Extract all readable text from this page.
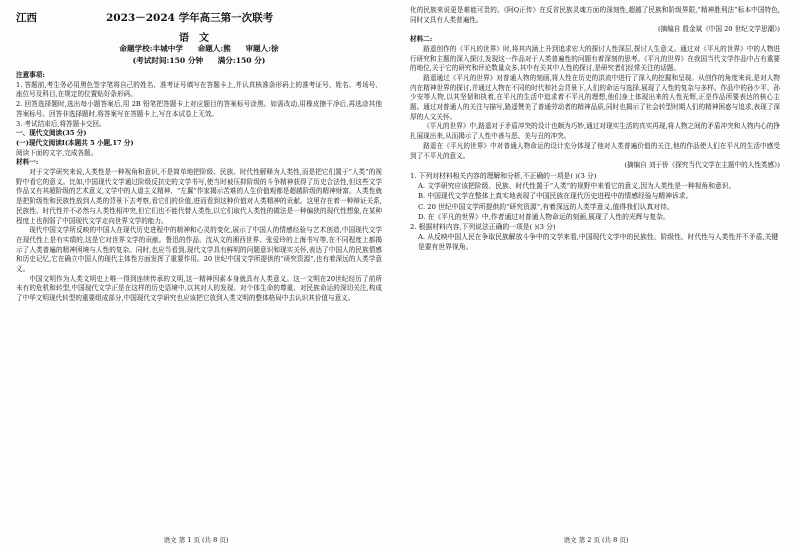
江西	2023－2024 学年高三第一次联考
语文
命题学校:丰城中学 命题人:熊 审题人:徐
(考试时间:150 分钟 满分:150 分)
注意事项:
1. 答题前,考生务必用黑色签字笔将自己的姓名、准考证号填写在答题卡上,并认真核准条形码上的准考证号、姓名、考场号、座位号及科目,在规定的位置贴好条形码。
2. 回答选择题时,选出每小题答案后,用 2B 铅笔把答题卡上对应题目的答案标号涂黑。如需改动,用橡皮擦干净后,再选涂其他答案标号。回答非选择题时,将答案写在答题卡上,写在本试卷上无效。
3. 考试结束后,将答题卡交回。
一、现代文阅读(35 分)
(一)现代文阅读Ⅰ(本题共 5 小题,17 分)
阅读下面的文字,完成各题。
材料一:
对于文学研究来说,人类性是一种视角和意识,不是简单地把阶级、民族、时代性解释为人类性,而是把它们置于“人类”的视野中看它的意义。比如,中国现代文学通过阶级反抗史的文学书写,使当时被压抑阶级的斗争精神获得了历史合法性,但这些文学作品又有其超阶级的艺术意义,文学中的人道主义精神、“左翼”作家揭示苦难的人生价值观都是超越阶级的精神财富。人类性就是把阶级性和民族性放到人类的背景下去考察,看它们的价值,进而看到这种价值对人类精神的贡献。这里存在着一种辩证关系,民族性、时代性并不必然与人类性相冲突,但它们也不能代替人类性,以它们取代人类性的做法是一种偏狭的现代性想象,在某种程度上也削弱了中国现代文学走向世界文学的能力。
现代中国文学所反映的中国人在现代历史进程中的精神和心灵的变化,展示了中国人的情感经验与艺术创造,中国现代文学在现代性上是有实绩的,这是它对世界文学的贡献。鲁迅的作品、沈从文的湘西世界、张爱玲的上海书写等,在不同程度上都揭示了人类普遍的精神困境与人性的复杂。同时,也应当看到,现代文学具有鲜明的问题意识和现实关怀,表达了中国人的民族情感和历史记忆,它在确立中国人的现代主体性方面发挥了重要作用。20 世纪中国文学所提供的“研究资源”,也有着深远的人类学意义。
中国文明作为人类文明史上唯一得到连续传承的文明,这一精神因素本身就具有人类意义。这一文明在20世纪经历了前所未有的危机和转型,中国现代文学正是在这样的历史语境中,以其对人的发现、对个体生命的尊重、对民族命运的深切关注,构成了中华文明现代转型的重要组成部分,中国现代文学研究也应该把它放到人类文明的整体格局中去认识其价值与意义。
语文 第 1 页 (共 8 页)
化的民族来说更是难能可贵的。《阿Q正传》在反省民族灵魂方面的深刻性,超越了民族和阶级界限,“精神胜利法”标本中国特色,同时又具有人类普遍性。
(摘编自 殷金斌《中国 20 世纪文学思潮》)
材料二:
路遥创作的《平凡的世界》时,将其内涵上升到追求宏大的探讨人性深层,探讨人生意义。通过对《平凡的世界》中的人物进行研究和主题的深入探讨,发现这一作品对于人类普遍性的问题有着深刻的思考。《平凡的世界》在我国当代文学作品中占有重要的地位,关于它的研究和评论数量众多,其中有关其中人性的探讨,是研究者们经常关注的话题。
路遥通过《平凡的世界》对普通人物的刻画,将人性在历史的洪流中进行了深入的挖掘和呈现。从创作的角度来说,是对人物内在精神世界的探讨,并通过人物在不同的时代和社会背景下,人们的命运与选择,展现了人性的复杂与多样。作品中的孙少平、孙少安等人物,以其坚韧和执着,在平凡的生活中追求着不平凡的理想,他们身上体现出来的人性光辉,正是作品所要表达的核心主题。通过对普通人的关注与描写,路遥赞美了普通劳动者的精神品质,同时也揭示了社会转型时期人们的精神困惑与追求,表现了深厚的人文关怀。
《平凡的世界》中,路遥对于矛盾冲突的设计也颇为巧妙,通过对现实生活的真实再现,将人物之间的矛盾冲突和人物内心的挣扎展现出来,从而揭示了人性中善与恶、美与丑的冲突。
路遥在《平凡的世界》中对普通人物命运的设计充分体现了他对人类普遍价值的关注,他的作品使人们在平凡的生活中感受到了不平凡的意义。
(摘编自 刘于侨《探究当代文学在主题中的人性类感》)
1. 下列对材料相关内容的理解和分析,不正确的一项是( )(3 分)
A. 文学研究应该把阶级、民族、时代性置于“人类”的视野中来看它的意义,因为人类性是一种视角和意识。
B. 中国现代文学在整体上真实地表现了中国民族在现代历史进程中的情感经验与精神诉求。
C. 20 世纪中国文学所提供的“研究资源”,有着深远的人类学意义,值得我们认真对待。
D. 在《平凡的世界》中,作者通过对普通人物命运的刻画,展现了人性的光辉与复杂。
2. 根据材料内容,下列说法正确的一项是( )(3 分)
A. 从反映中国人民在争取民族解放斗争中的文学来看,中国现代文学中的民族性、阶级性、时代性与人类性并不矛盾,关键是要有世界视角。
语文 第 2 页 (共 8 页)
